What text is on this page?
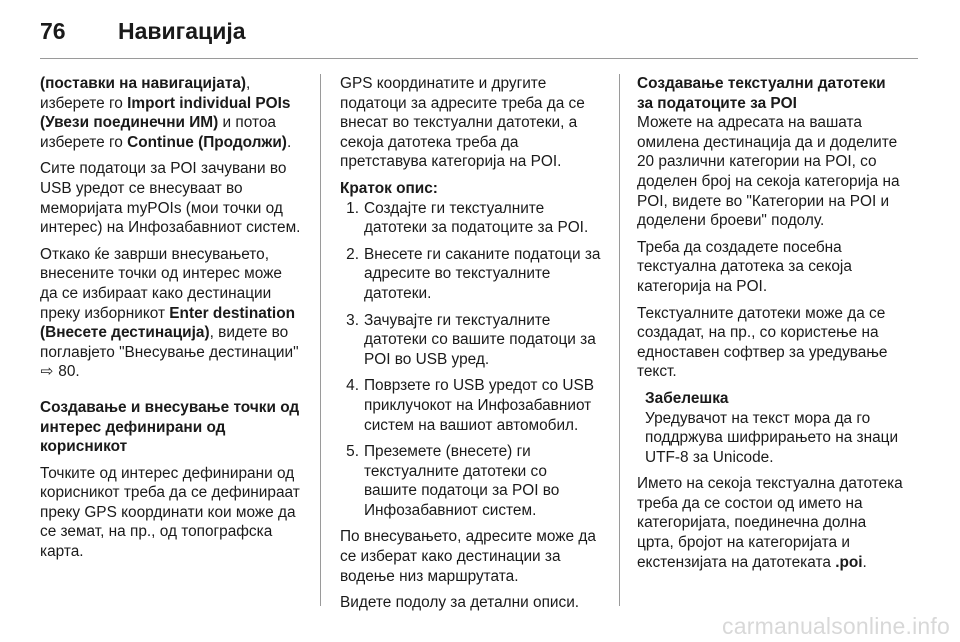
76 Навигација

(поставки на навигацијата),
изберете го Import individual POIs (Увези поединечни ИМ) и потоа изберете го Continue (Продолжи).

Сите податоци за POI зачувани во USB уредот се внесуваат во меморијата myPOIs (мои точки од интерес) на Инфозабавниот систем.

Откако ќе заврши внесувањето, внесените точки од интерес може да се избираат како дестинации преку изборникот Enter destination (Внесете дестинација), видете во поглавјето "Внесување дестинации" ⇨ 80.

Создавање и внесување точки од интерес дефинирани од корисникот

Точките од интерес дефинирани од корисникот треба да се дефинираат преку GPS координати кои може да се земат, на пр., од топографска карта.

GPS координатите и другите податоци за адресите треба да се внесат во текстуални датотеки, а секоја датотека треба да претставува категорија на POI.

Краток опис:

1. Создајте ги текстуалните датотеки за податоците за POI.
2. Внесете ги саканите податоци за адресите во текстуалните датотеки.
3. Зачувајте ги текстуалните датотеки со вашите податоци за POI во USB уред.
4. Поврзете го USB уредот со USB приклучокот на Инфозабавниот систем на вашиот автомобил.
5. Преземете (внесете) ги текстуалните датотеки со вашите податоци за POI во Инфозабавниот систем.

По внесувањето, адресите може да се изберат како дестинации за водење низ маршрутата.

Видете подолу за детални описи.

Создавање текстуални датотеки за податоците за POI

Можете на адресата на вашата омилена дестинација да и доделите 20 различни категории на POI, со доделен број на секоја категорија на POI, видете во "Категории на POI и доделени броеви" подолу.

Треба да создадете посебна текстуална датотека за секоја категорија на POI.

Текстуалните датотеки може да се создадат, на пр., со користење на едноставен софтвер за уредување текст.

Забелешка
Уредувачот на текст мора да го поддржува шифрирањето на знаци UTF-8 за Unicode.

Името на секоја текстуална датотека треба да се состои од името на категоријата, поединечна долна црта, бројот на категоријата и екстензијата на датотеката .poi.

carmanualsonline.info
